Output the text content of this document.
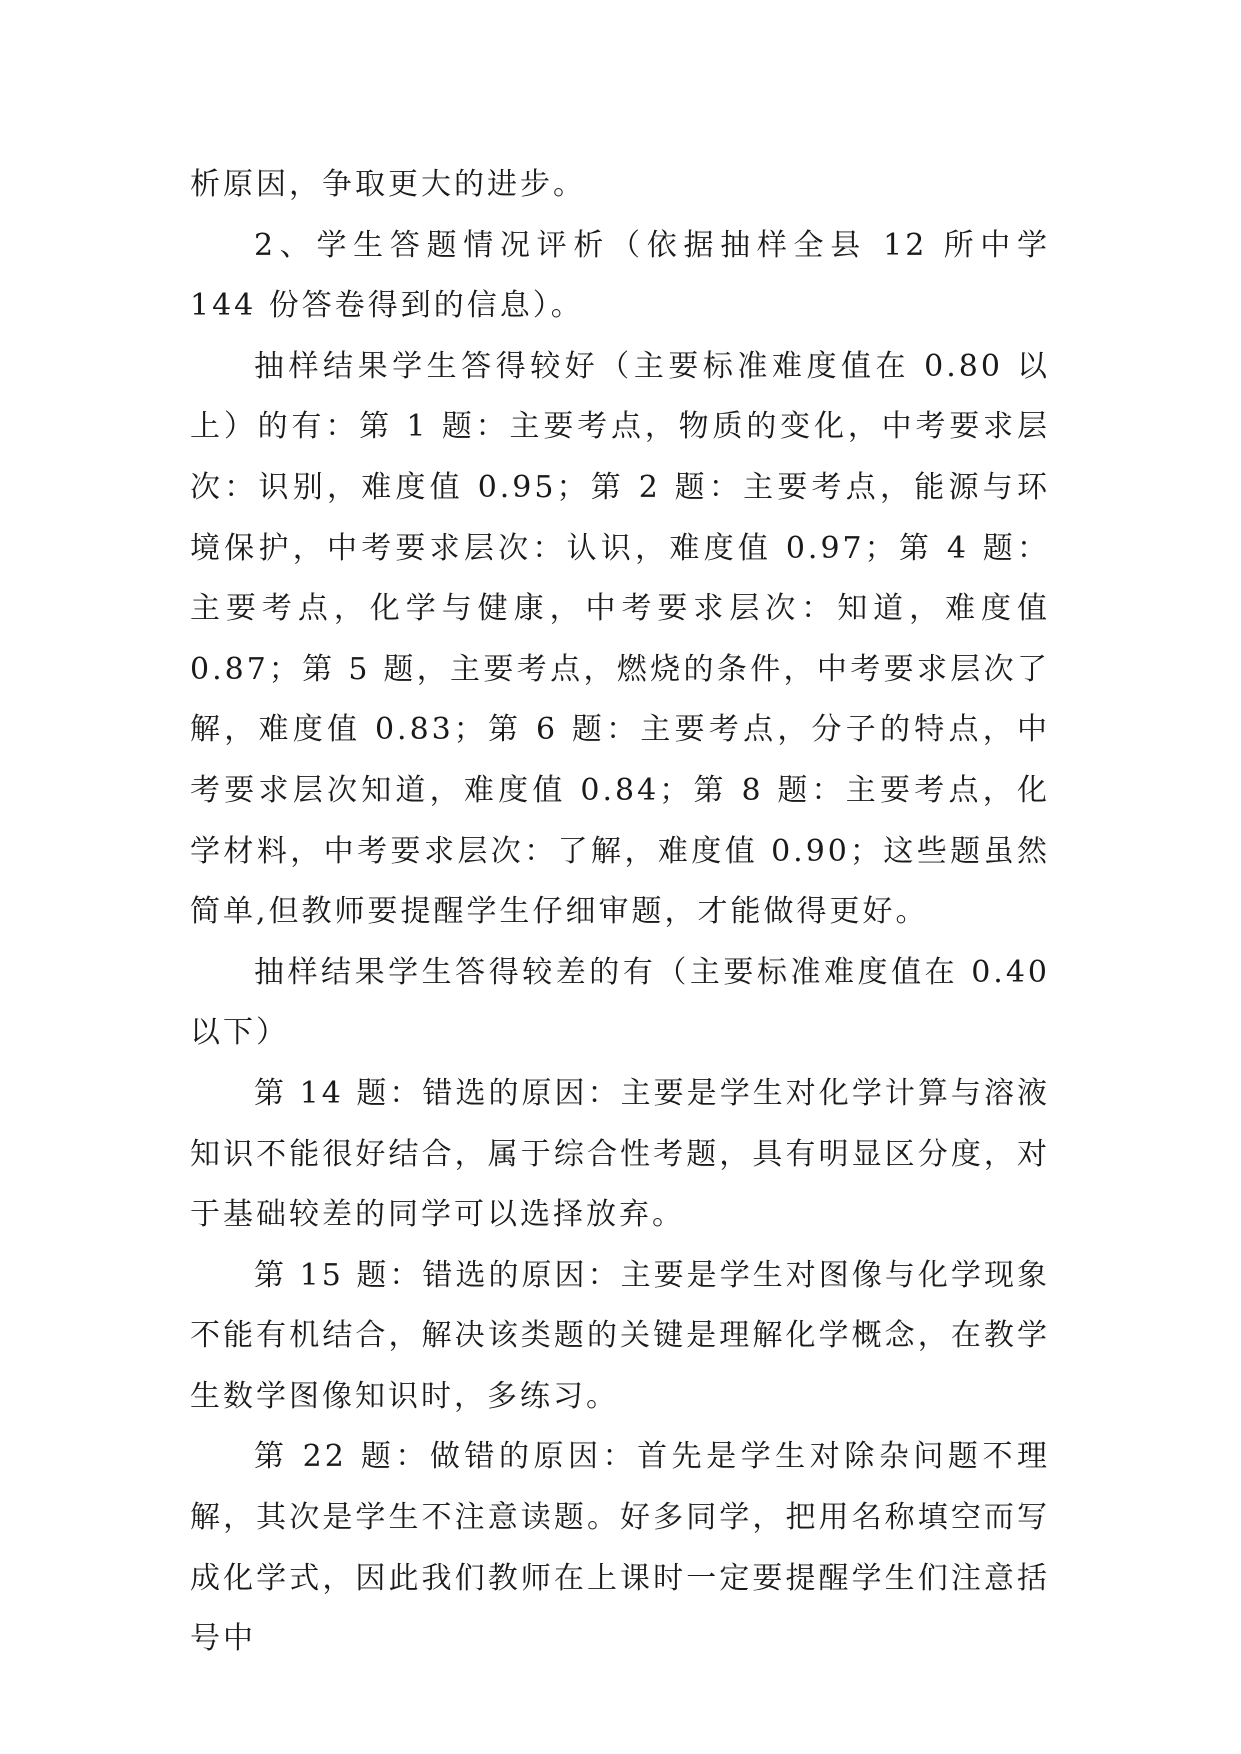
析原因，争取更大的进步。

2、学生答题情况评析（依据抽样全县 12 所中学 144 份答卷得到的信息）。

抽样结果学生答得较好（主要标准难度值在 0.80 以上）的有：第 1 题：主要考点，物质的变化，中考要求层次：识别，难度值 0.95；第 2 题：主要考点，能源与环境保护，中考要求层次：认识，难度值 0.97；第 4 题：主要考点，化学与健康，中考要求层次：知道，难度值 0.87；第 5 题，主要考点，燃烧的条件，中考要求层次了解，难度值 0.83；第 6 题：主要考点，分子的特点，中考要求层次知道，难度值 0.84；第 8 题：主要考点，化学材料，中考要求层次：了解，难度值 0.90；这些题虽然简单,但教师要提醒学生仔细审题，才能做得更好。

抽样结果学生答得较差的有（主要标准难度值在 0.40 以下）

第 14 题：错选的原因：主要是学生对化学计算与溶液知识不能很好结合，属于综合性考题，具有明显区分度，对于基础较差的同学可以选择放弃。

第 15 题：错选的原因：主要是学生对图像与化学现象不能有机结合，解决该类题的关键是理解化学概念，在教学生数学图像知识时，多练习。

第 22 题：做错的原因：首先是学生对除杂问题不理解，其次是学生不注意读题。好多同学，把用名称填空而写成化学式，因此我们教师在上课时一定要提醒学生们注意括号中
